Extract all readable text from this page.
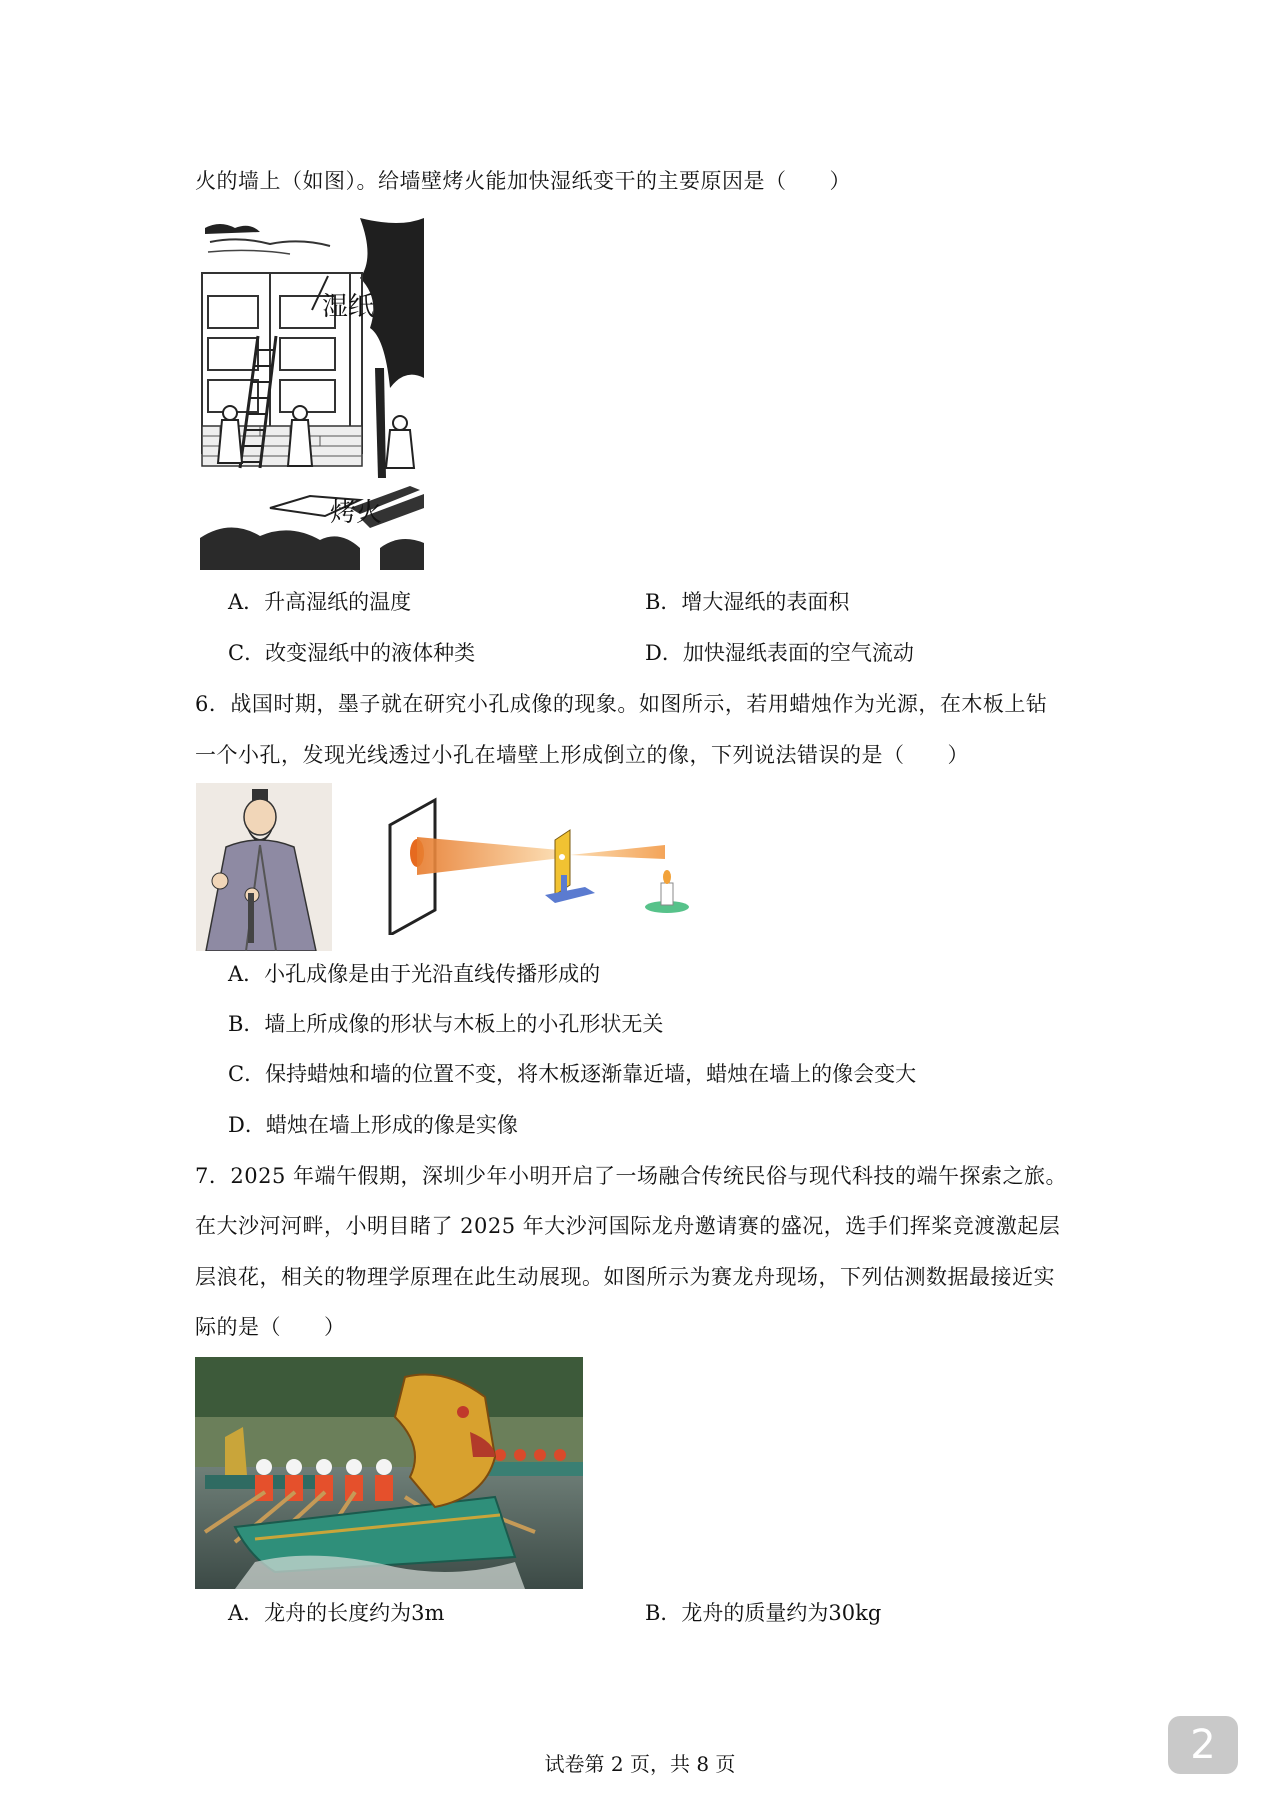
火的墙上（如图）。给墙壁烤火能加快湿纸变干的主要原因是（　　）
湿纸
烤火
A．升高湿纸的温度	B．增大湿纸的表面积
C．改变湿纸中的液体种类	D．加快湿纸表面的空气流动
6．战国时期，墨子就在研究小孔成像的现象。如图所示，若用蜡烛作为光源，在木板上钻
一个小孔，发现光线透过小孔在墙壁上形成倒立的像，下列说法错误的是（　　）
A．小孔成像是由于光沿直线传播形成的
B．墙上所成像的形状与木板上的小孔形状无关
C．保持蜡烛和墙的位置不变，将木板逐渐靠近墙，蜡烛在墙上的像会变大
D．蜡烛在墙上形成的像是实像
7．2025 年端午假期，深圳少年小明开启了一场融合传统民俗与现代科技的端午探索之旅。
在大沙河河畔，小明目睹了 2025 年大沙河国际龙舟邀请赛的盛况，选手们挥桨竞渡激起层
层浪花，相关的物理学原理在此生动展现。如图所示为赛龙舟现场，下列估测数据最接近实
际的是（　　）
A．龙舟的长度约为3m	B．龙舟的质量约为30kg
试卷第 2 页，共 8 页	2
